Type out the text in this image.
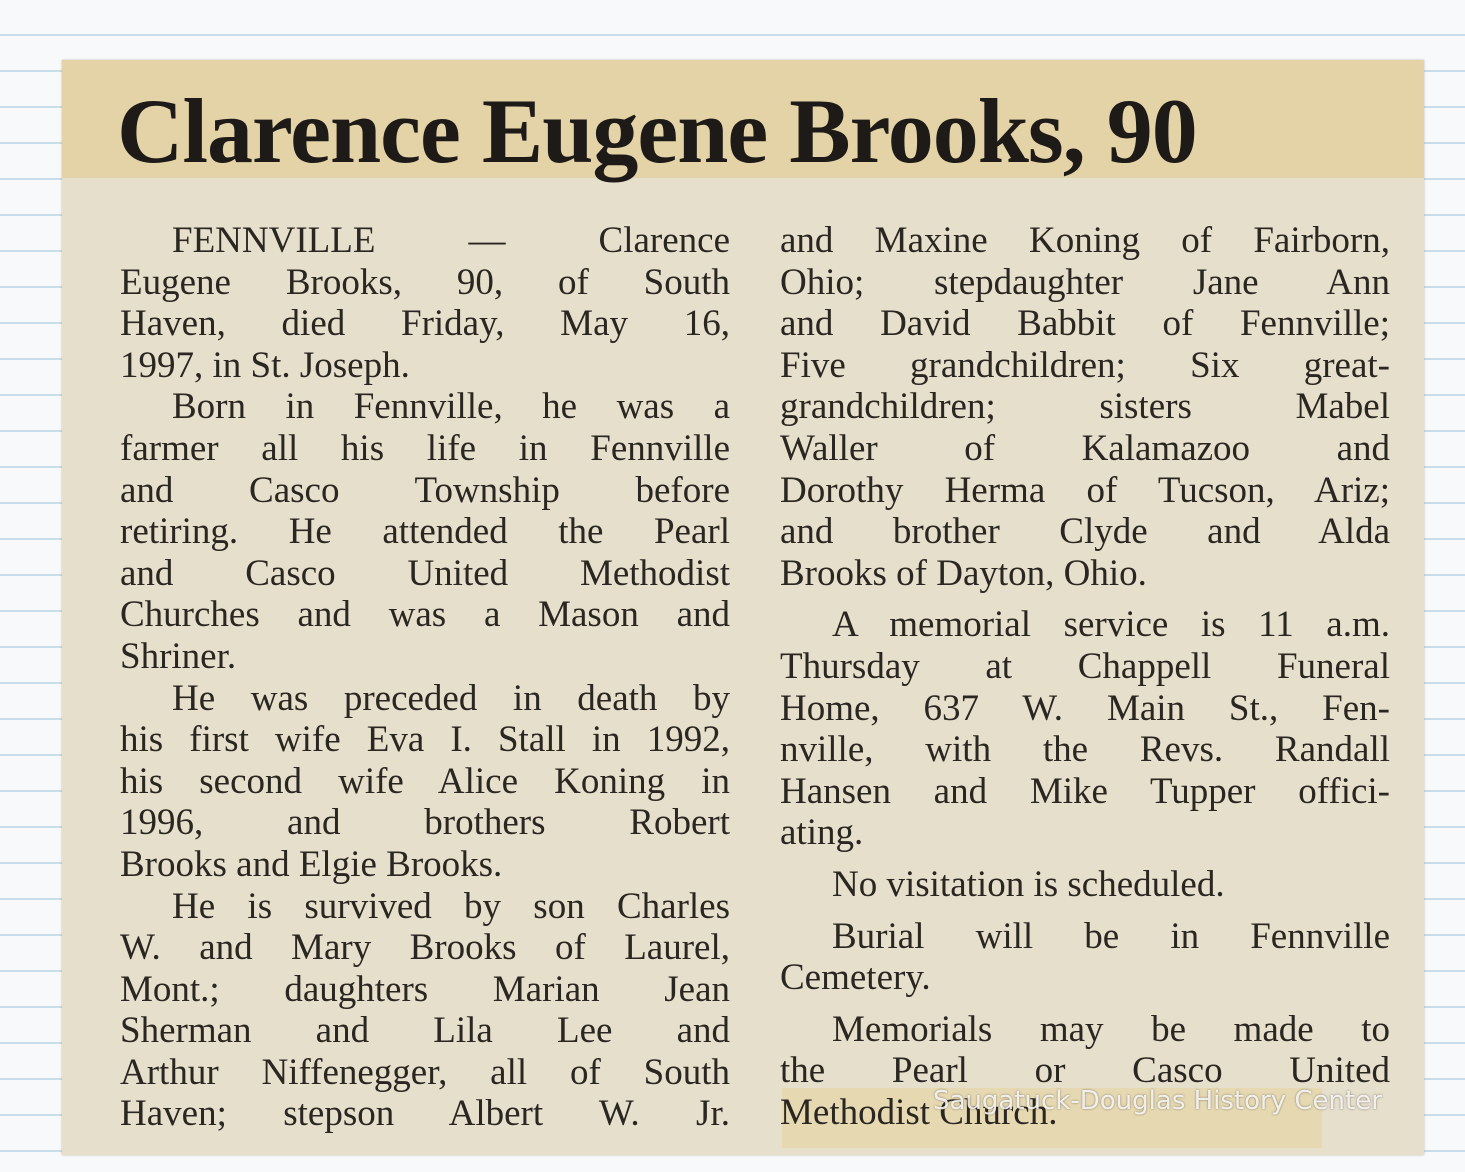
Clarence Eugene Brooks, 90

FENNVILLE — Clarence

Eugene Brooks, 90, of South

Haven, died Friday, May 16,

1997, in St. Joseph.

Born in Fennville, he was a

farmer all his life in Fennville

and Casco Township before

retiring. He attended the Pearl

and Casco United Methodist

Churches and was a Mason and

Shriner.

He was preceded in death by

his first wife Eva I. Stall in 1992,

his second wife Alice Koning in

1996, and brothers Robert

Brooks and Elgie Brooks.

He is survived by son Charles

W. and Mary Brooks of Laurel,

Mont.; daughters Marian Jean

Sherman and Lila Lee and

Arthur Niffenegger, all of South

Haven; stepson Albert W. Jr.

and Maxine Koning of Fairborn,

Ohio; stepdaughter Jane Ann

and David Babbit of Fennville;

Five grandchildren; Six great-

grandchildren; sisters Mabel

Waller of Kalamazoo and

Dorothy Herma of Tucson, Ariz;

and brother Clyde and Alda

Brooks of Dayton, Ohio.

A memorial service is 11 a.m.

Thursday at Chappell Funeral

Home, 637 W. Main St., Fen-

nville, with the Revs. Randall

Hansen and Mike Tupper offici-

ating.

No visitation is scheduled.

Burial will be in Fennville

Cemetery.

Memorials may be made to

the Pearl or Casco United

Methodist Church.

Saugatuck-Douglas History Center
